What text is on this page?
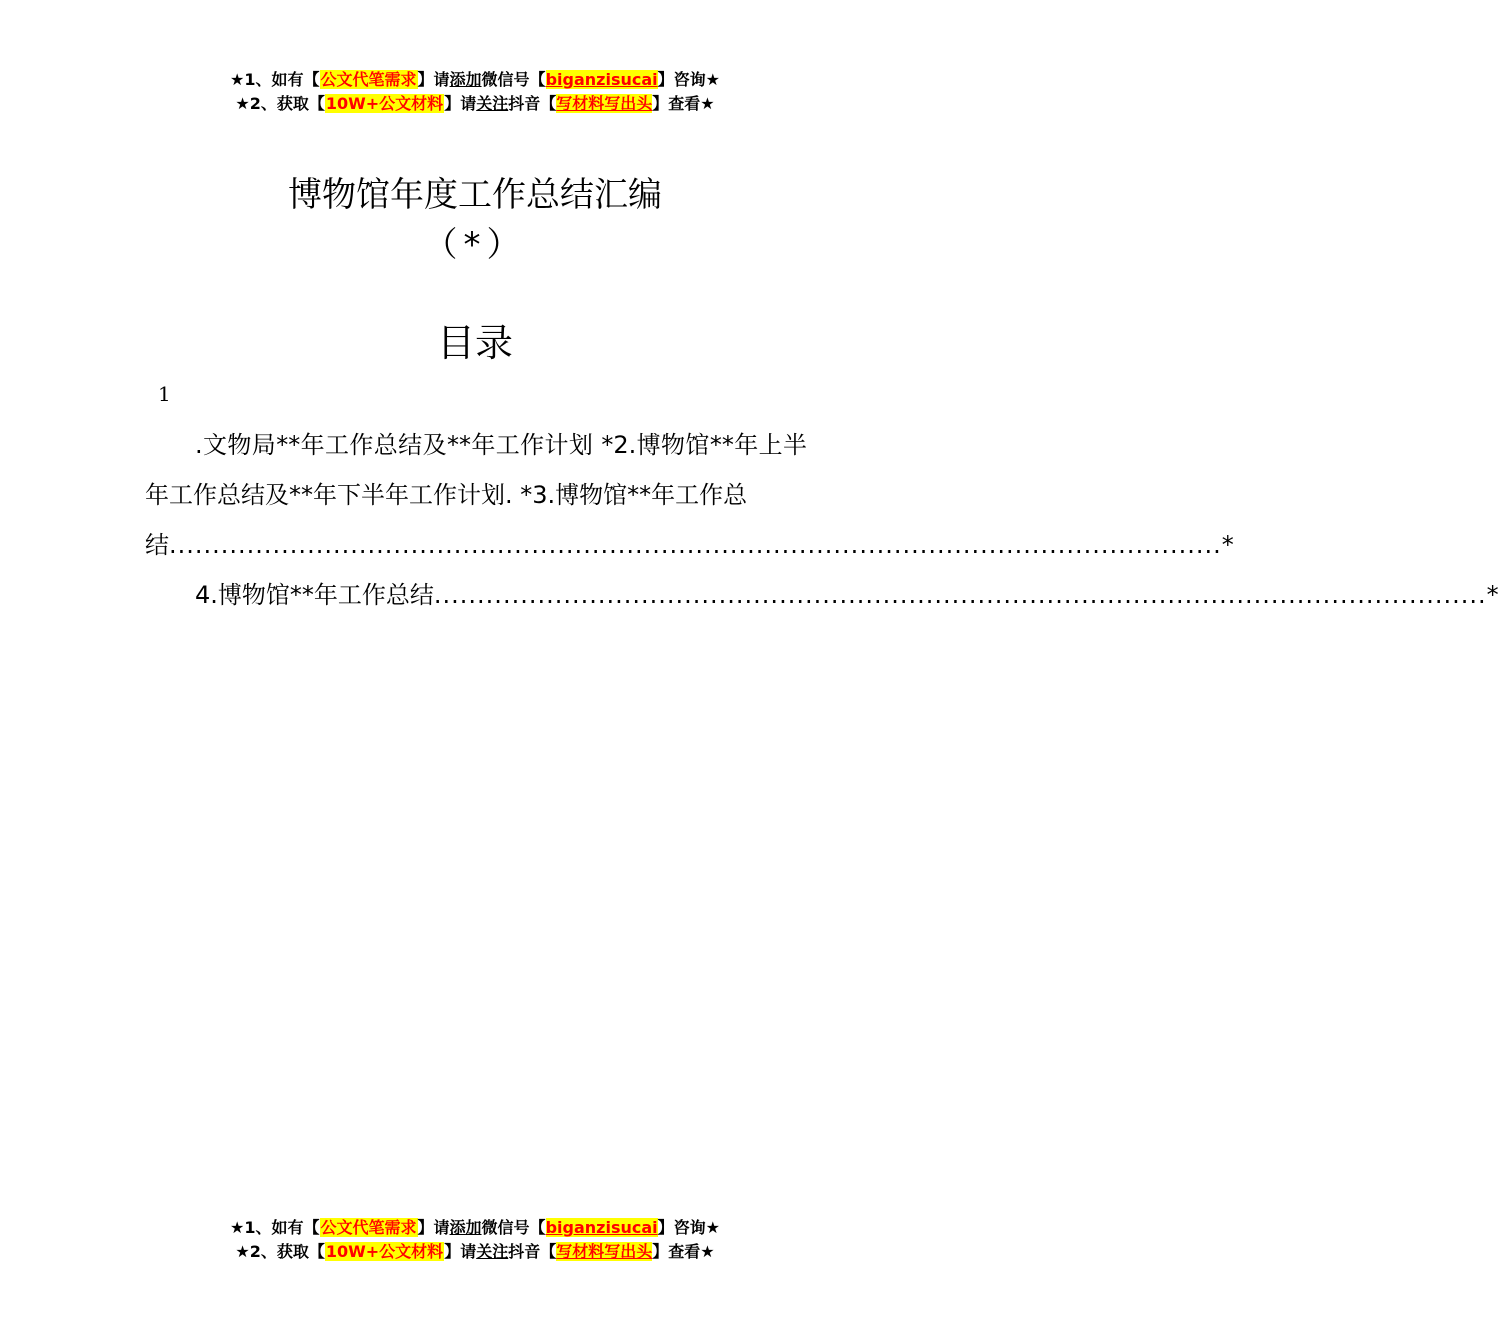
★1、如有【公文代笔需求】请添加微信号【biganzisucai】咨询★
★2、获取【10W+公文材料】请关注抖音【写材料写出头】查看★
博物馆年度工作总结汇编
（*）
目录
1

.文物局**年工作总结及**年工作计划 *2.博物馆**年上半年工作总结及**年下半年工作计划. *3.博物馆**年工作总

结 .......................................................................................................................... *
4.博物馆**年工作总结 .......................................................................................................................... *
★1、如有【公文代笔需求】请添加微信号【biganzisucai】咨询★
★2、获取【10W+公文材料】请关注抖音【写材料写出头】查看★
